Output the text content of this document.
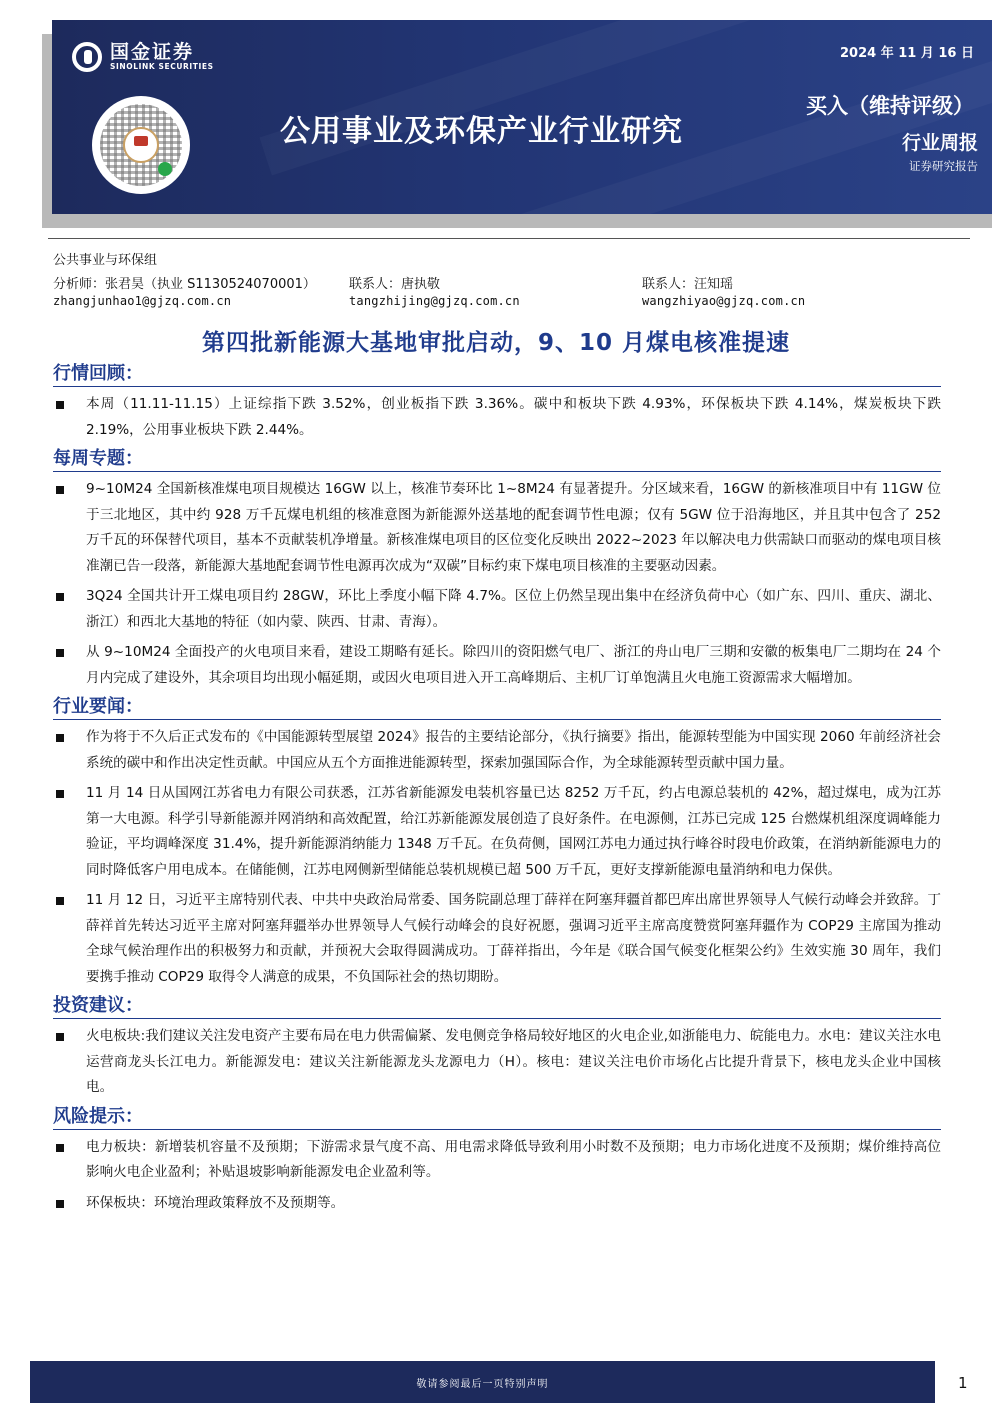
国金证券
SINOLINK SECURITIES
公用事业及环保产业行业研究
2024 年 11 月 16 日
买入（维持评级）
行业周报
证券研究报告
公共事业与环保组
分析师：张君昊（执业 S1130524070001）	联系人：唐执敬	联系人：汪知瑶
zhangjunhao1@gjzq.com.cn	tangzhijing@gjzq.com.cn	wangzhiyao@gjzq.com.cn
第四批新能源大基地审批启动，9、10 月煤电核准提速
行情回顾：
本周（11.11-11.15）上证综指下跌 3.52%，创业板指下跌 3.36%。碳中和板块下跌 4.93%，环保板块下跌 4.14%，煤炭板块下跌 2.19%，公用事业板块下跌 2.44%。
每周专题：
9~10M24 全国新核准煤电项目规模达 16GW 以上，核准节奏环比 1~8M24 有显著提升。分区域来看，16GW 的新核准项目中有 11GW 位于三北地区，其中约 928 万千瓦煤电机组的核准意图为新能源外送基地的配套调节性电源；仅有 5GW 位于沿海地区，并且其中包含了 252 万千瓦的环保替代项目，基本不贡献装机净增量。新核准煤电项目的区位变化反映出 2022~2023 年以解决电力供需缺口而驱动的煤电项目核准潮已告一段落，新能源大基地配套调节性电源再次成为“双碳”目标约束下煤电项目核准的主要驱动因素。
3Q24 全国共计开工煤电项目约 28GW，环比上季度小幅下降 4.7%。区位上仍然呈现出集中在经济负荷中心（如广东、四川、重庆、湖北、浙江）和西北大基地的特征（如内蒙、陕西、甘肃、青海）。
从 9~10M24 全面投产的火电项目来看，建设工期略有延长。除四川的资阳燃气电厂、浙江的舟山电厂三期和安徽的板集电厂二期均在 24 个月内完成了建设外，其余项目均出现小幅延期，或因火电项目进入开工高峰期后、主机厂订单饱满且火电施工资源需求大幅增加。
行业要闻：
作为将于不久后正式发布的《中国能源转型展望 2024》报告的主要结论部分，《执行摘要》指出，能源转型能为中国实现 2060 年前经济社会系统的碳中和作出决定性贡献。中国应从五个方面推进能源转型，探索加强国际合作，为全球能源转型贡献中国力量。
11 月 14 日从国网江苏省电力有限公司获悉，江苏省新能源发电装机容量已达 8252 万千瓦，约占电源总装机的 42%，超过煤电，成为江苏第一大电源。科学引导新能源并网消纳和高效配置，给江苏新能源发展创造了良好条件。在电源侧，江苏已完成 125 台燃煤机组深度调峰能力验证，平均调峰深度 31.4%，提升新能源消纳能力 1348 万千瓦。在负荷侧，国网江苏电力通过执行峰谷时段电价政策，在消纳新能源电力的同时降低客户用电成本。在储能侧，江苏电网侧新型储能总装机规模已超 500 万千瓦，更好支撑新能源电量消纳和电力保供。
11 月 12 日，习近平主席特别代表、中共中央政治局常委、国务院副总理丁薛祥在阿塞拜疆首都巴库出席世界领导人气候行动峰会并致辞。丁薛祥首先转达习近平主席对阿塞拜疆举办世界领导人气候行动峰会的良好祝愿，强调习近平主席高度赞赏阿塞拜疆作为 COP29 主席国为推动全球气候治理作出的积极努力和贡献，并预祝大会取得圆满成功。丁薛祥指出，今年是《联合国气候变化框架公约》生效实施 30 周年，我们要携手推动 COP29 取得令人满意的成果，不负国际社会的热切期盼。
投资建议：
火电板块:我们建议关注发电资产主要布局在电力供需偏紧、发电侧竞争格局较好地区的火电企业,如浙能电力、皖能电力。水电：建议关注水电运营商龙头长江电力。新能源发电：建议关注新能源龙头龙源电力（H）。核电：建议关注电价市场化占比提升背景下，核电龙头企业中国核电。
风险提示：
电力板块：新增装机容量不及预期；下游需求景气度不高、用电需求降低导致利用小时数不及预期；电力市场化进度不及预期；煤价维持高位影响火电企业盈利；补贴退坡影响新能源发电企业盈利等。
环保板块：环境治理政策释放不及预期等。
敬请参阅最后一页特别声明	1
